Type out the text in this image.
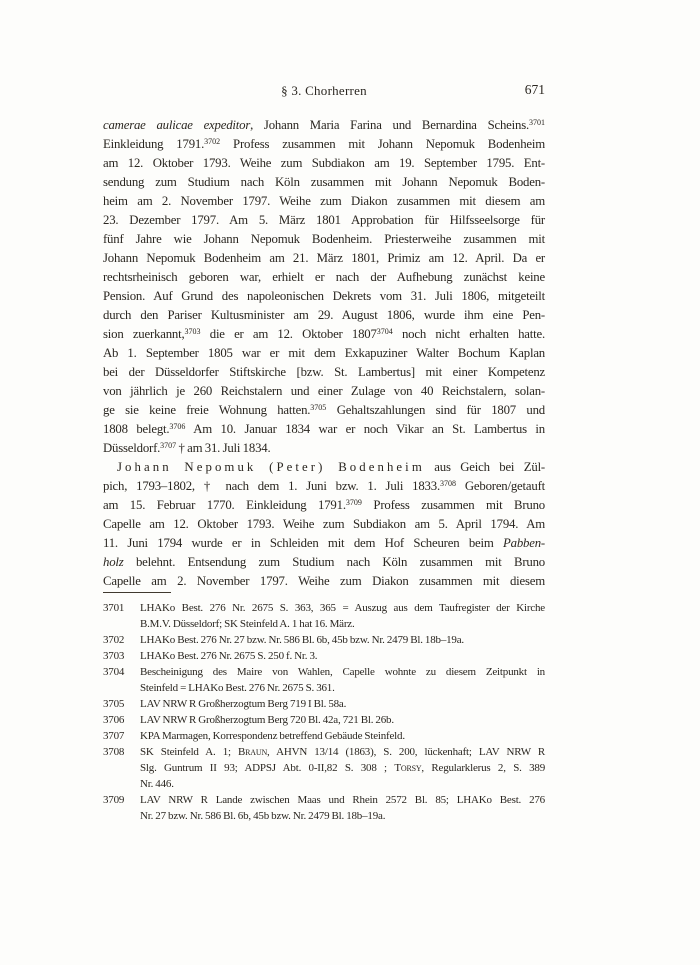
§ 3. Chorherren	671
camerae aulicae expeditor, Johann Maria Farina und Bernardina Scheins.$^{3701}$
Einkleidung 1791.$^{3702}$ Profess zusammen mit Johann Nepomuk Bodenheim
am 12. Oktober 1793. Weihe zum Subdiakon am 19. September 1795. Ent-
sendung zum Studium nach Köln zusammen mit Johann Nepomuk Boden-
heim am 2. November 1797. Weihe zum Diakon zusammen mit diesem am
23. Dezember 1797. Am 5. März 1801 Approbation für Hilfsseelsorge für
fünf Jahre wie Johann Nepomuk Bodenheim. Priesterweihe zusammen mit
Johann Nepomuk Bodenheim am 21. März 1801, Primiz am 12. April. Da er
rechtsrheinisch geboren war, erhielt er nach der Aufhebung zunächst keine
Pension. Auf Grund des napoleonischen Dekrets vom 31. Juli 1806, mitgeteilt
durch den Pariser Kultusminister am 29. August 1806, wurde ihm eine Pen-
sion zuerkannt,$^{3703}$ die er am 12. Oktober 1807$^{3704}$ noch nicht erhalten hatte.
Ab 1. September 1805 war er mit dem Exkapuziner Walter Bochum Kaplan
bei der Düsseldorfer Stiftskirche [bzw. St. Lambertus] mit einer Kompetenz
von jährlich je 260 Reichstalern und einer Zulage von 40 Reichstalern, solan-
ge sie keine freie Wohnung hatten.$^{3705}$ Gehaltszahlungen sind für 1807 und
1808 belegt.$^{3706}$ Am 10. Januar 1834 war er noch Vikar an St. Lambertus in
Düsseldorf.$^{3707}$ † am 31. Juli 1834.
Johann Nepomuk (Peter) Bodenheim aus Geich bei Zül-
pich, 1793–1802, † nach dem 1. Juni bzw. 1. Juli 1833.$^{3708}$ Geboren/getauft
am 15. Februar 1770. Einkleidung 1791.$^{3709}$ Profess zusammen mit Bruno
Capelle am 12. Oktober 1793. Weihe zum Subdiakon am 5. April 1794. Am
11. Juni 1794 wurde er in Schleiden mit dem Hof Scheuren beim Pabben-
holz belehnt. Entsendung zum Studium nach Köln zusammen mit Bruno
Capelle am 2. November 1797. Weihe zum Diakon zusammen mit diesem
3701	LHAKo Best. 276 Nr. 2675 S. 363, 365 = Auszug aus dem Taufregister der Kirche
B.M.V. Düsseldorf; SK Steinfeld A. 1 hat 16. März.
3702	LHAKo Best. 276 Nr. 27 bzw. Nr. 586 Bl. 6b, 45b bzw. Nr. 2479 Bl. 18b–19a.
3703	LHAKo Best. 276 Nr. 2675 S. 250 f. Nr. 3.
3704	Bescheinigung des Maire von Wahlen, Capelle wohnte zu diesem Zeitpunkt in
Steinfeld = LHAKo Best. 276 Nr. 2675 S. 361.
3705	LAV NRW R Großherzogtum Berg 719 I Bl. 58a.
3706	LAV NRW R Großherzogtum Berg 720 Bl. 42a, 721 Bl. 26b.
3707	KPA Marmagen, Korrespondenz betreffend Gebäude Steinfeld.
3708	SK Steinfeld A. 1; Braun, AHVN 13/14 (1863), S. 200, lückenhaft; LAV NRW R
Slg. Guntrum II 93; ADPSJ Abt. 0-II,82 S. 308 ; Torsy, Regularklerus 2, S. 389
Nr. 446.
3709	LAV NRW R Lande zwischen Maas und Rhein 2572 Bl. 85; LHAKo Best. 276
Nr. 27 bzw. Nr. 586 Bl. 6b, 45b bzw. Nr. 2479 Bl. 18b–19a.
